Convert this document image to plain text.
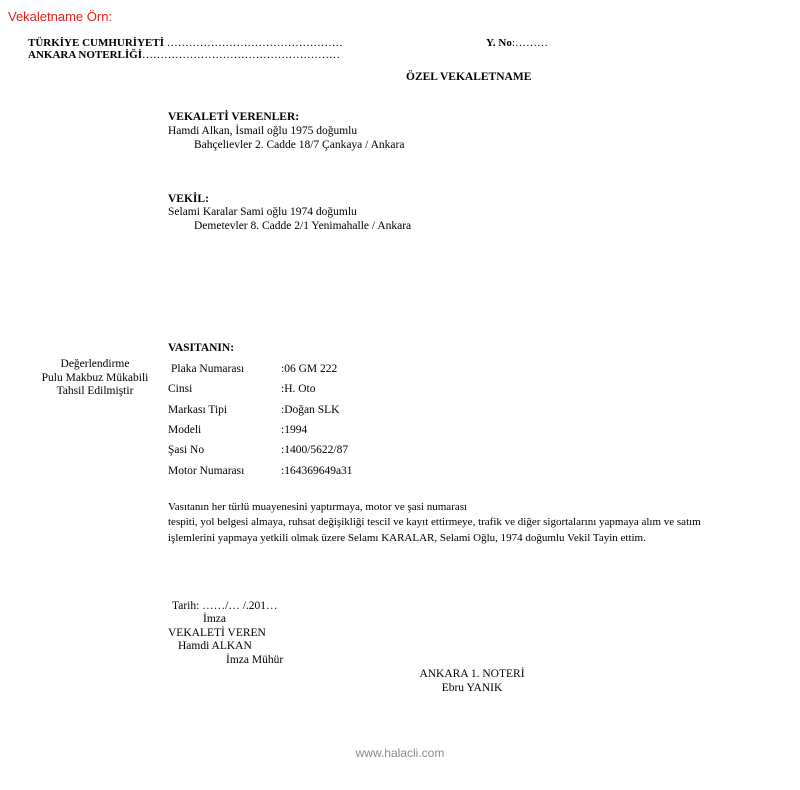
Vekaletname Örn:
TÜRKİYE CUMHURİYETİ …………………………………………	Y. No:………
ANKARA NOTERLİĞİ………………………………………………
ÖZEL VEKALETNAME
VEKALETİ VERENLER:
Hamdi Alkan, İsmail oğlu 1975 doğumlu
Bahçelievler 2. Cadde 18/7 Çankaya / Ankara
VEKİL:
Selami Karalar Sami oğlu 1974 doğumlu
Demetevler 8. Cadde 2/1 Yenimahalle / Ankara
Değerlendirme
Pulu Makbuz Mükabili
Tahsil Edilmiştir
VASITANIN:
Plaka Numarası	:06 GM 222
Cinsi	:H. Oto
Markası Tipi	:Doğan SLK
Modeli	:1994
Şasi No	:1400/5622/87
Motor Numarası	:164369649a31
Vasıtanın her türlü muayenesini yaptırmaya, motor ve şasi numarası
tespiti, yol belgesi almaya, ruhsat değişikliği tescil ve kayıt ettirmeye, trafik ve diğer sigortalarını yapmaya alım ve satım
işlemlerini yapmaya yetkili olmak üzere Selamı KARALAR, Selami Oğlu, 1974 doğumlu Vekil Tayin ettim.
Tarih: ……/… /.201…
İmza
VEKALETİ VEREN
Hamdi ALKAN
İmza Mühür
ANKARA 1. NOTERİ
Ebru YANIK
www.halacli.com
